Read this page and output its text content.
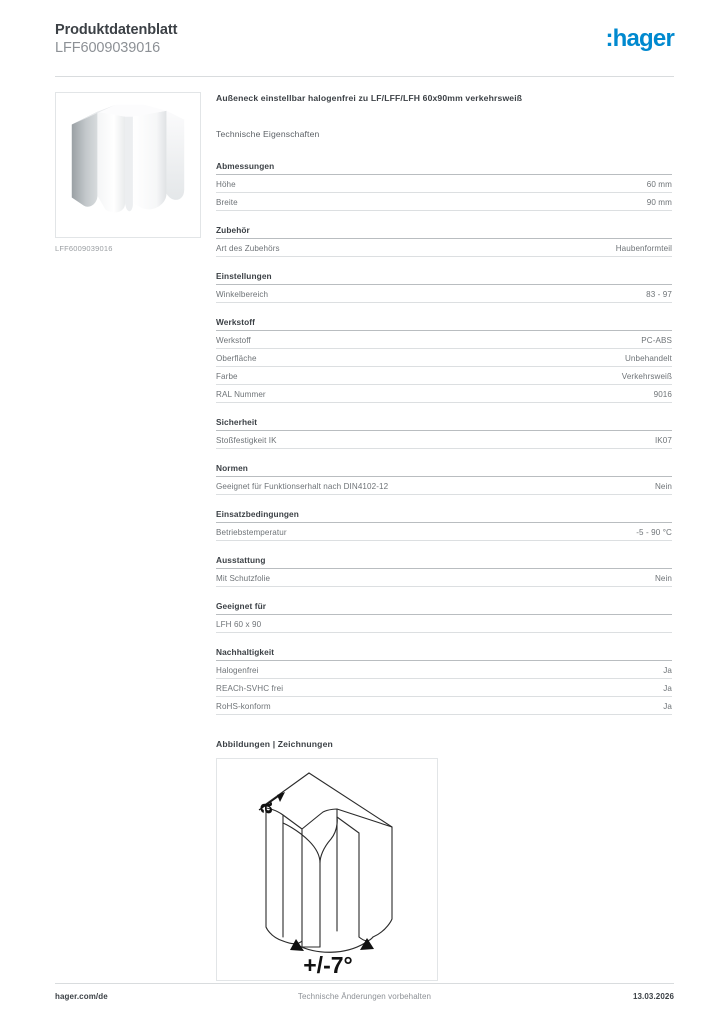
Produktdatenblatt
LFF6009039016	:hager
LFF6009039016
Außeneck einstellbar halogenfrei zu LF/LFF/LFH 60x90mm verkehrsweiß
Technische Eigenschaften
Abmessungen
Höhe	60 mm
Breite	90 mm
Zubehör
Art des Zubehörs	Haubenformteil
Einstellungen
Winkelbereich	83 - 97
Werkstoff
Werkstoff	PC-ABS
Oberfläche	Unbehandelt
Farbe	Verkehrsweiß
RAL Nummer	9016
Sicherheit
Stoßfestigkeit IK	IK07
Normen
Geeignet für Funktionserhalt nach DIN4102-12	Nein
Einsatzbedingungen
Betriebstemperatur	-5 - 90 °C
Ausstattung
Mit Schutzfolie	Nein
Geeignet für
LFH 60 x 90
Nachhaltigkeit
Halogenfrei	Ja
REACh-SVHC frei	Ja
RoHS-konform	Ja
Abbildungen | Zeichnungen
a
+/-7°
hager.com/de	Technische Änderungen vorbehalten	13.03.2026
